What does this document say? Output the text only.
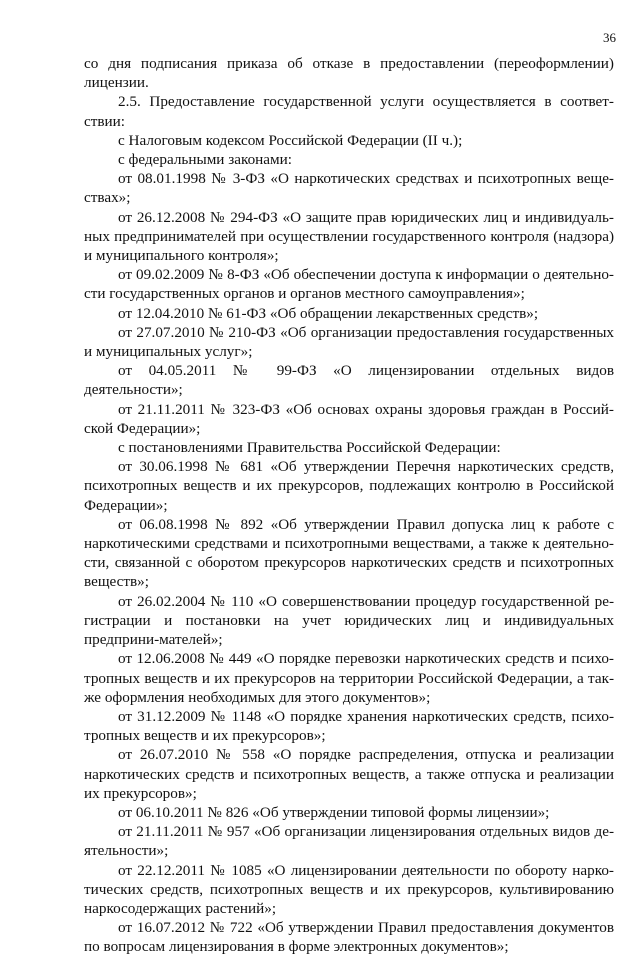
36

со дня подписания приказа об отказе в предоставлении (переоформлении) лицензии.

2.5. Предоставление государственной услуги осуществляется в соответ-ствии:

с Налоговым кодексом Российской Федерации (II ч.);

с федеральными законами:

от 08.01.1998 № 3-ФЗ «О наркотических средствах и психотропных веще-ствах»;

от 26.12.2008 № 294-ФЗ «О защите прав юридических лиц и индивидуаль-ных предпринимателей при осуществлении государственного контроля (надзора) и муниципального контроля»;

от 09.02.2009 № 8-ФЗ «Об обеспечении доступа к информации о деятельно-сти государственных органов и органов местного самоуправления»;

от 12.04.2010 № 61-ФЗ «Об обращении лекарственных средств»;

от 27.07.2010 № 210-ФЗ «Об организации предоставления государственных и муниципальных услуг»;

от 04.05.2011 № 99-ФЗ «О лицензировании отдельных видов деятельности»;

от 21.11.2011 № 323-ФЗ «Об основах охраны здоровья граждан в Россий-ской Федерации»;

с постановлениями Правительства Российской Федерации:

от 30.06.1998 № 681 «Об утверждении Перечня наркотических средств, психотропных веществ и их прекурсоров, подлежащих контролю в Российской Федерации»;

от 06.08.1998 № 892 «Об утверждении Правил допуска лиц к работе с наркотическими средствами и психотропными веществами, а также к деятельно-сти, связанной с оборотом прекурсоров наркотических средств и психотропных веществ»;

от 26.02.2004 № 110 «О совершенствовании процедур государственной ре-гистрации и постановки на учет юридических лиц и индивидуальных предприни-мателей»;

от 12.06.2008 № 449 «О порядке перевозки наркотических средств и психо-тропных веществ и их прекурсоров на территории Российской Федерации, а так-же оформления необходимых для этого документов»;

от 31.12.2009 № 1148 «О порядке хранения наркотических средств, психо-тропных веществ и их прекурсоров»;

от 26.07.2010 № 558 «О порядке распределения, отпуска и реализации наркотических средств и психотропных веществ, а также отпуска и реализации их прекурсоров»;

от 06.10.2011 № 826 «Об утверждении типовой формы лицензии»;

от 21.11.2011 № 957 «Об организации лицензирования отдельных видов де-ятельности»;

от 22.12.2011 № 1085 «О лицензировании деятельности по обороту нарко-тических средств, психотропных веществ и их прекурсоров, культивированию наркосодержащих растений»;

от 16.07.2012 № 722 «Об утверждении Правил предоставления документов по вопросам лицензирования в форме электронных документов»;
